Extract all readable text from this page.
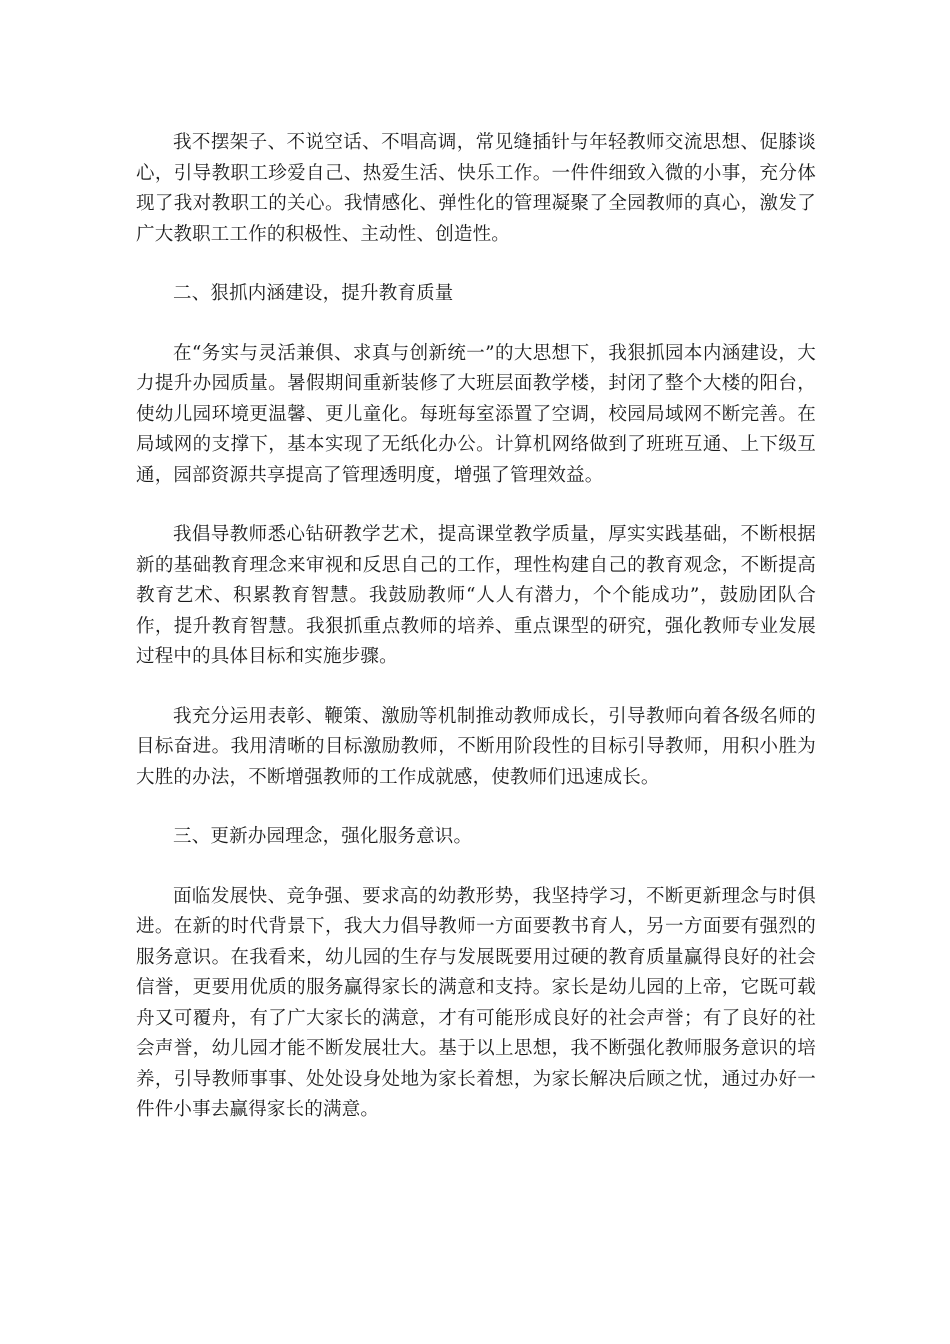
我不摆架子、不说空话、不唱高调，常见缝插针与年轻教师交流思想、促膝谈心，引导教职工珍爱自己、热爱生活、快乐工作。一件件细致入微的小事，充分体现了我对教职工的关心。我情感化、弹性化的管理凝聚了全园教师的真心，激发了广大教职工工作的积极性、主动性、创造性。

二、狠抓内涵建设，提升教育质量

在“务实与灵活兼俱、求真与创新统一”的大思想下，我狠抓园本内涵建设，大力提升办园质量。暑假期间重新装修了大班层面教学楼，封闭了整个大楼的阳台，使幼儿园环境更温馨、更儿童化。每班每室添置了空调，校园局域网不断完善。在局域网的支撑下，基本实现了无纸化办公。计算机网络做到了班班互通、上下级互通，园部资源共享提高了管理透明度，增强了管理效益。

我倡导教师悉心钻研教学艺术，提高课堂教学质量，厚实实践基础，不断根据新的基础教育理念来审视和反思自己的工作，理性构建自己的教育观念，不断提高教育艺术、积累教育智慧。我鼓励教师“人人有潜力，个个能成功”，鼓励团队合作，提升教育智慧。我狠抓重点教师的培养、重点课型的研究，强化教师专业发展过程中的具体目标和实施步骤。

我充分运用表彰、鞭策、激励等机制推动教师成长，引导教师向着各级名师的目标奋进。我用清晰的目标激励教师，不断用阶段性的目标引导教师，用积小胜为大胜的办法，不断增强教师的工作成就感，使教师们迅速成长。

三、更新办园理念，强化服务意识。

面临发展快、竞争强、要求高的幼教形势，我坚持学习，不断更新理念与时俱进。在新的时代背景下，我大力倡导教师一方面要教书育人，另一方面要有强烈的服务意识。在我看来，幼儿园的生存与发展既要用过硬的教育质量赢得良好的社会信誉，更要用优质的服务赢得家长的满意和支持。家长是幼儿园的上帝，它既可载舟又可覆舟，有了广大家长的满意，才有可能形成良好的社会声誉；有了良好的社会声誉，幼儿园才能不断发展壮大。基于以上思想，我不断强化教师服务意识的培养，引导教师事事、处处设身处地为家长着想，为家长解决后顾之忧，通过办好一件件小事去赢得家长的满意。
